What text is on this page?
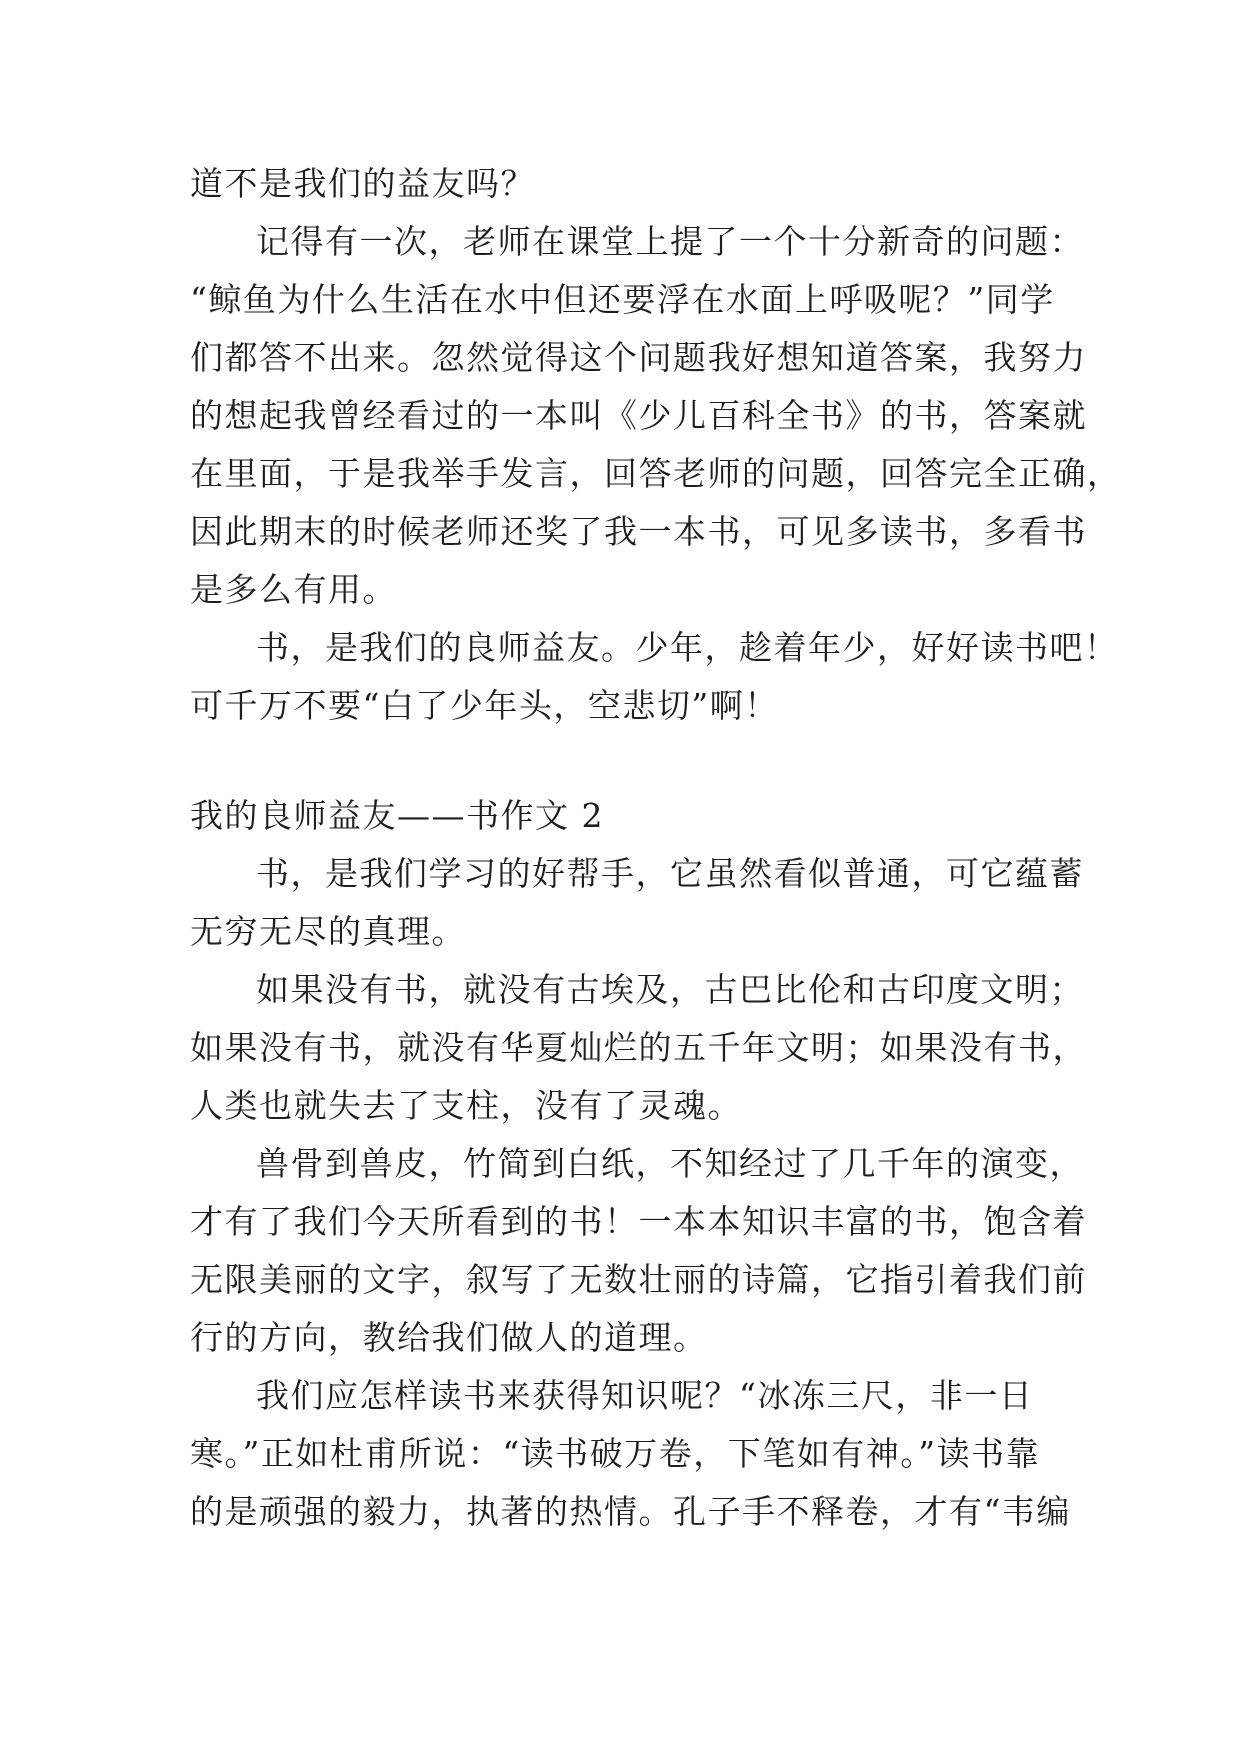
道不是我们的益友吗？
记得有一次，老师在课堂上提了一个十分新奇的问题：
“鲸鱼为什么生活在水中但还要浮在水面上呼吸呢？”同学
们都答不出来。忽然觉得这个问题我好想知道答案，我努力
的想起我曾经看过的一本叫《少儿百科全书》的书，答案就
在里面，于是我举手发言，回答老师的问题，回答完全正确，
因此期末的时候老师还奖了我一本书，可见多读书，多看书
是多么有用。
书，是我们的良师益友。少年，趁着年少，好好读书吧！
可千万不要“白了少年头，空悲切”啊！
我的良师益友——书作文 2
书，是我们学习的好帮手，它虽然看似普通，可它蕴蓄
无穷无尽的真理。
如果没有书，就没有古埃及，古巴比伦和古印度文明；
如果没有书，就没有华夏灿烂的五千年文明；如果没有书，
人类也就失去了支柱，没有了灵魂。
兽骨到兽皮，竹简到白纸，不知经过了几千年的演变，
才有了我们今天所看到的书！一本本知识丰富的书，饱含着
无限美丽的文字，叙写了无数壮丽的诗篇，它指引着我们前
行的方向，教给我们做人的道理。
我们应怎样读书来获得知识呢？“冰冻三尺，非一日
寒。”正如杜甫所说：“读书破万卷，下笔如有神。”读书靠
的是顽强的毅力，执著的热情。孔子手不释卷，才有“韦编
